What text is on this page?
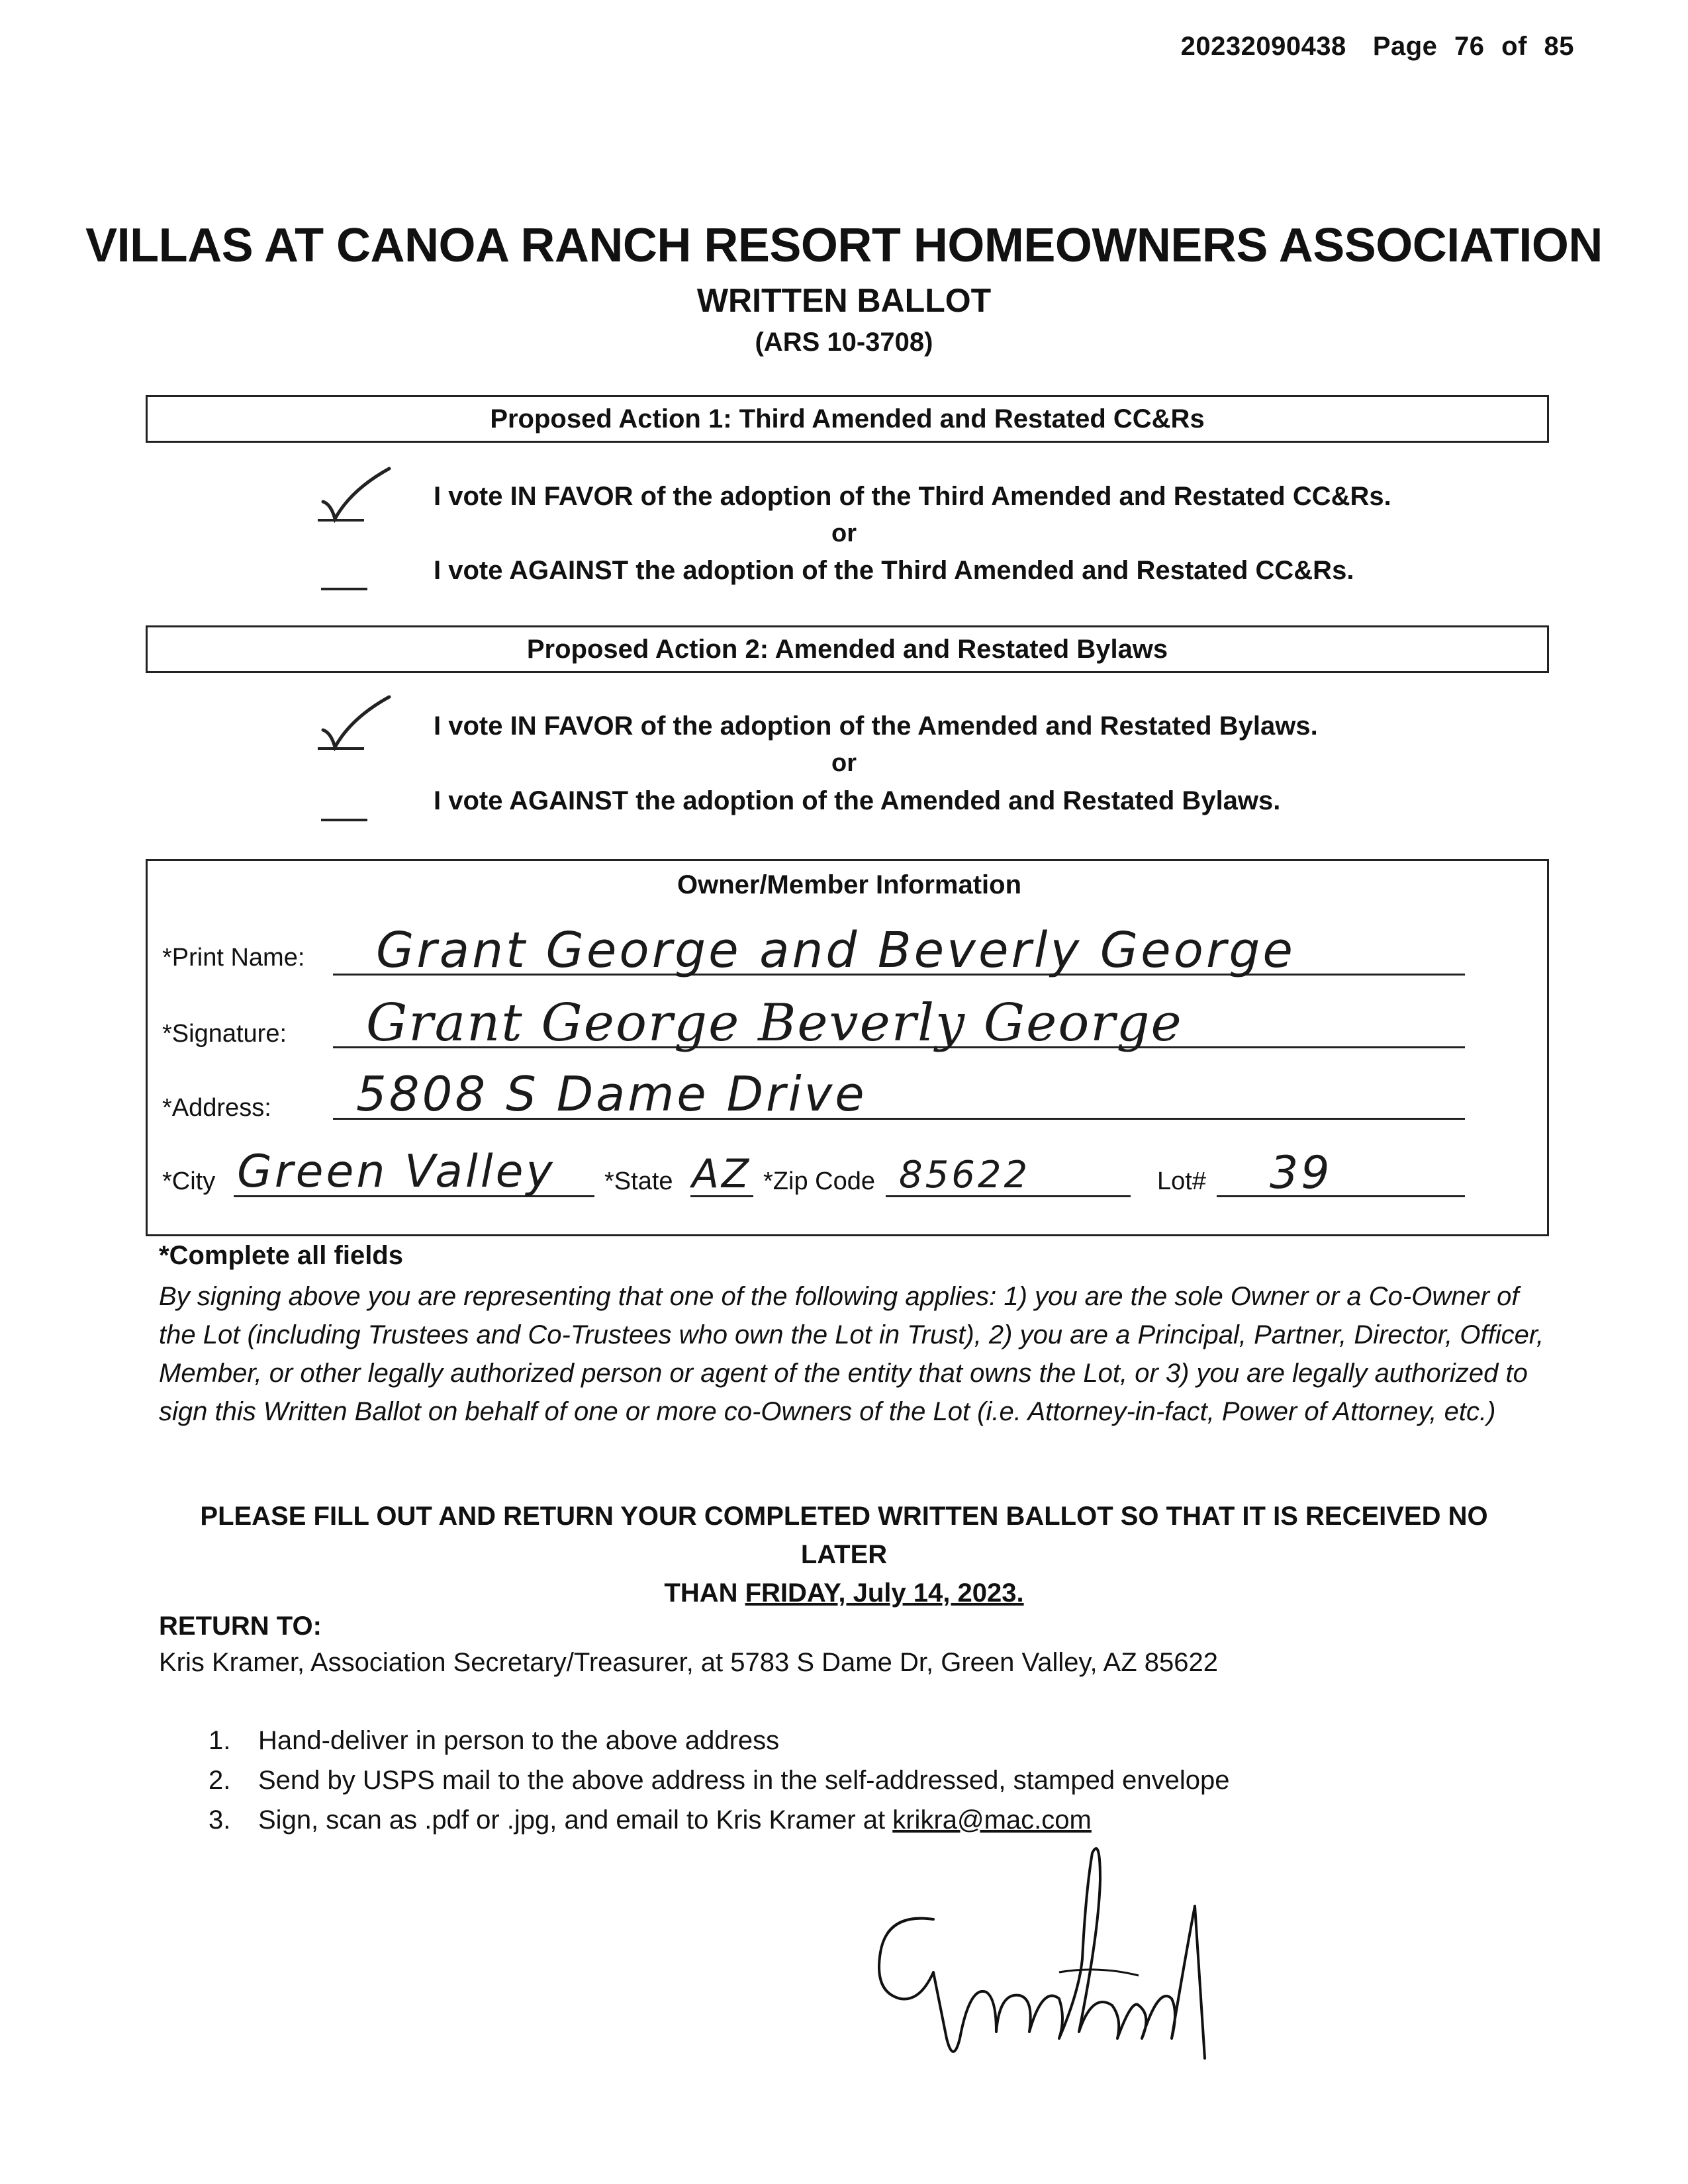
20232090438 Page 76 of 85
VILLAS AT CANOA RANCH RESORT HOMEOWNERS ASSOCIATION
WRITTEN BALLOT
(ARS 10-3708)
Proposed Action 1: Third Amended and Restated CC&Rs
I vote IN FAVOR of the adoption of the Third Amended and Restated CC&Rs.
or
I vote AGAINST the adoption of the Third Amended and Restated CC&Rs.
Proposed Action 2: Amended and Restated Bylaws
I vote IN FAVOR of the adoption of the Amended and Restated Bylaws.
or
I vote AGAINST the adoption of the Amended and Restated Bylaws.
Owner/Member Information
*Print Name: Grant George and Beverly George
*Signature: Grant George Beverly George
*Address: 5808 S Dame Drive
*City Green Valley *State AZ *Zip Code 85622	Lot# 39
*Complete all fields
By signing above you are representing that one of the following applies: 1) you are the sole Owner or a Co-Owner of the Lot (including Trustees and Co-Trustees who own the Lot in Trust), 2) you are a Principal, Partner, Director, Officer, Member, or other legally authorized person or agent of the entity that owns the Lot, or 3) you are legally authorized to sign this Written Ballot on behalf of one or more co-Owners of the Lot (i.e. Attorney-in-fact, Power of Attorney, etc.)
PLEASE FILL OUT AND RETURN YOUR COMPLETED WRITTEN BALLOT SO THAT IT IS RECEIVED NO LATER
THAN FRIDAY, July 14, 2023.
RETURN TO:
Kris Kramer, Association Secretary/Treasurer, at 5783 S Dame Dr, Green Valley, AZ 85622
1.	Hand-deliver in person to the above address
2.	Send by USPS mail to the above address in the self-addressed, stamped envelope
3.	Sign, scan as .pdf or .jpg, and email to Kris Kramer at krikra@mac.com
